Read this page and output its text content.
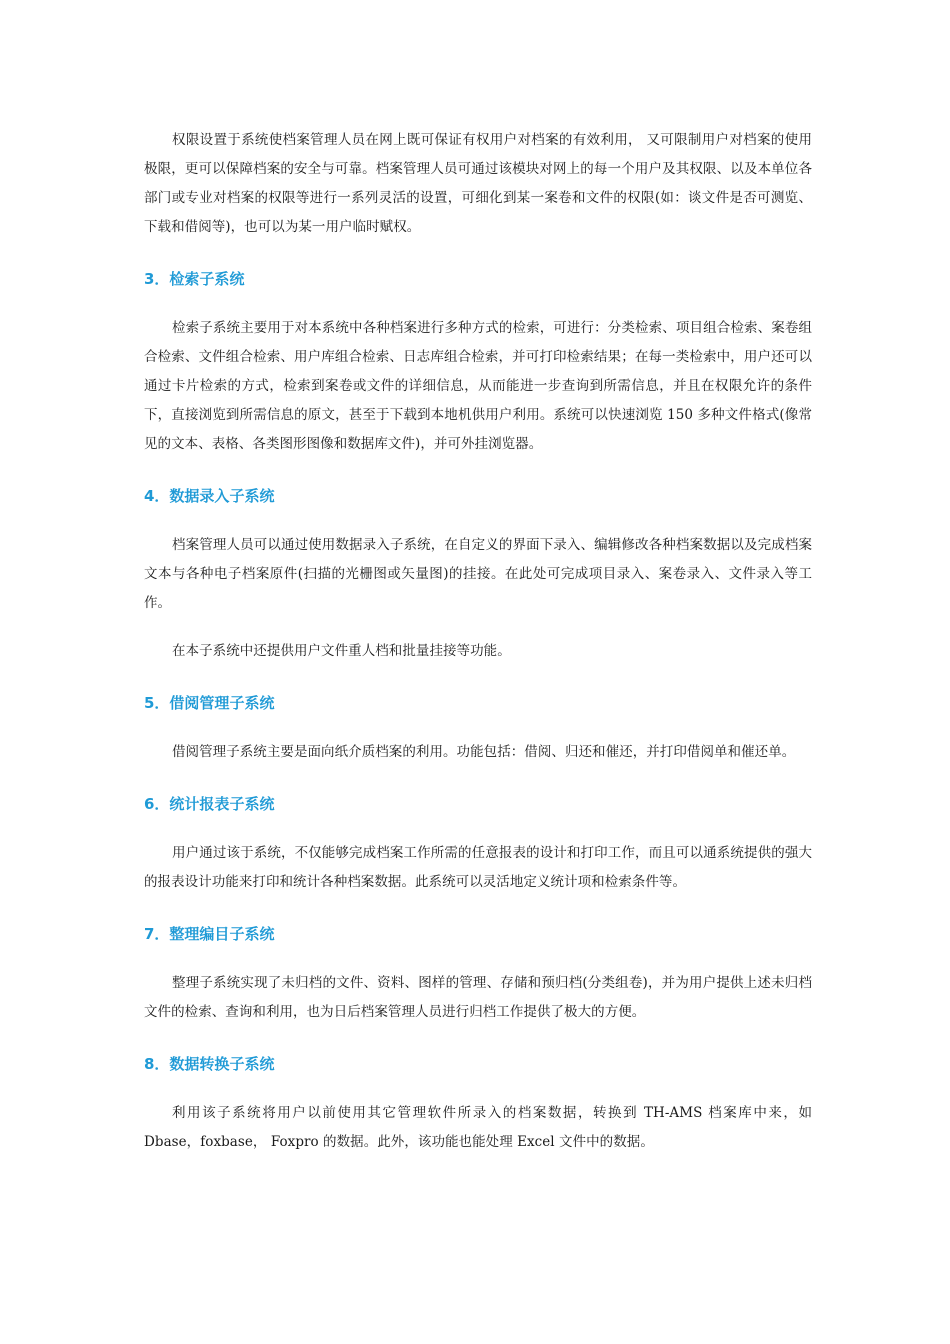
权限设置于系统使档案管理人员在网上既可保证有权用户对档案的有效利用， 又可限制用户对档案的使用极限，更可以保障档案的安全与可靠。档案管理人员可通过该模块对网上的每一个用户及其权限、以及本单位各部门或专业对档案的权限等进行一系列灵活的设置，可细化到某一案卷和文件的权限(如：谈文件是否可测览、下载和借阅等)，也可以为某一用户临时赋权。

3．检索子系统

检索子系统主要用于对本系统中各种档案进行多种方式的检索，可进行：分类检索、项目组合检索、案卷组合检索、文件组合检索、用户库组合检索、日志库组合检索，并可打印检索结果；在每一类检索中，用户还可以通过卡片检索的方式，检索到案卷或文件的详细信息，从而能进一步查询到所需信息，并且在权限允许的条件下，直接浏览到所需信息的原文，甚至于下载到本地机供用户利用。系统可以快速浏览 150 多种文件格式(像常见的文本、表格、各类图形图像和数据库文件)，并可外挂浏览器。

4．数据录入子系统

档案管理人员可以通过使用数据录入子系统，在自定义的界面下录入、编辑修改各种档案数据以及完成档案文本与各种电子档案原件(扫描的光栅图或矢量图)的挂接。在此处可完成项目录入、案卷录入、文件录入等工作。

在本子系统中还提供用户文件重人档和批量挂接等功能。

5．借阅管理子系统

借阅管理子系统主要是面向纸介质档案的利用。功能包括：借阅、归还和催还，并打印借阅单和催还单。

6．统计报表子系统

用户通过该于系统，不仅能够完成档案工作所需的任意报表的设计和打印工作，而且可以通系统提供的强大的报表设计功能来打印和统计各种档案数据。此系统可以灵活地定义统计项和检索条件等。

7．整理编目子系统

整理子系统实现了未归档的文件、资料、图样的管理、存储和预归档(分类组卷)，并为用户提供上述未归档文件的检索、查询和利用，也为日后档案管理人员进行归档工作提供了极大的方便。

8．数据转换子系统

利用该子系统将用户以前使用其它管理软件所录入的档案数据，转换到 TH-AMS 档案库中来，如 Dbase，foxbase， Foxpro 的数据。此外，该功能也能处理 Excel 文件中的数据。
